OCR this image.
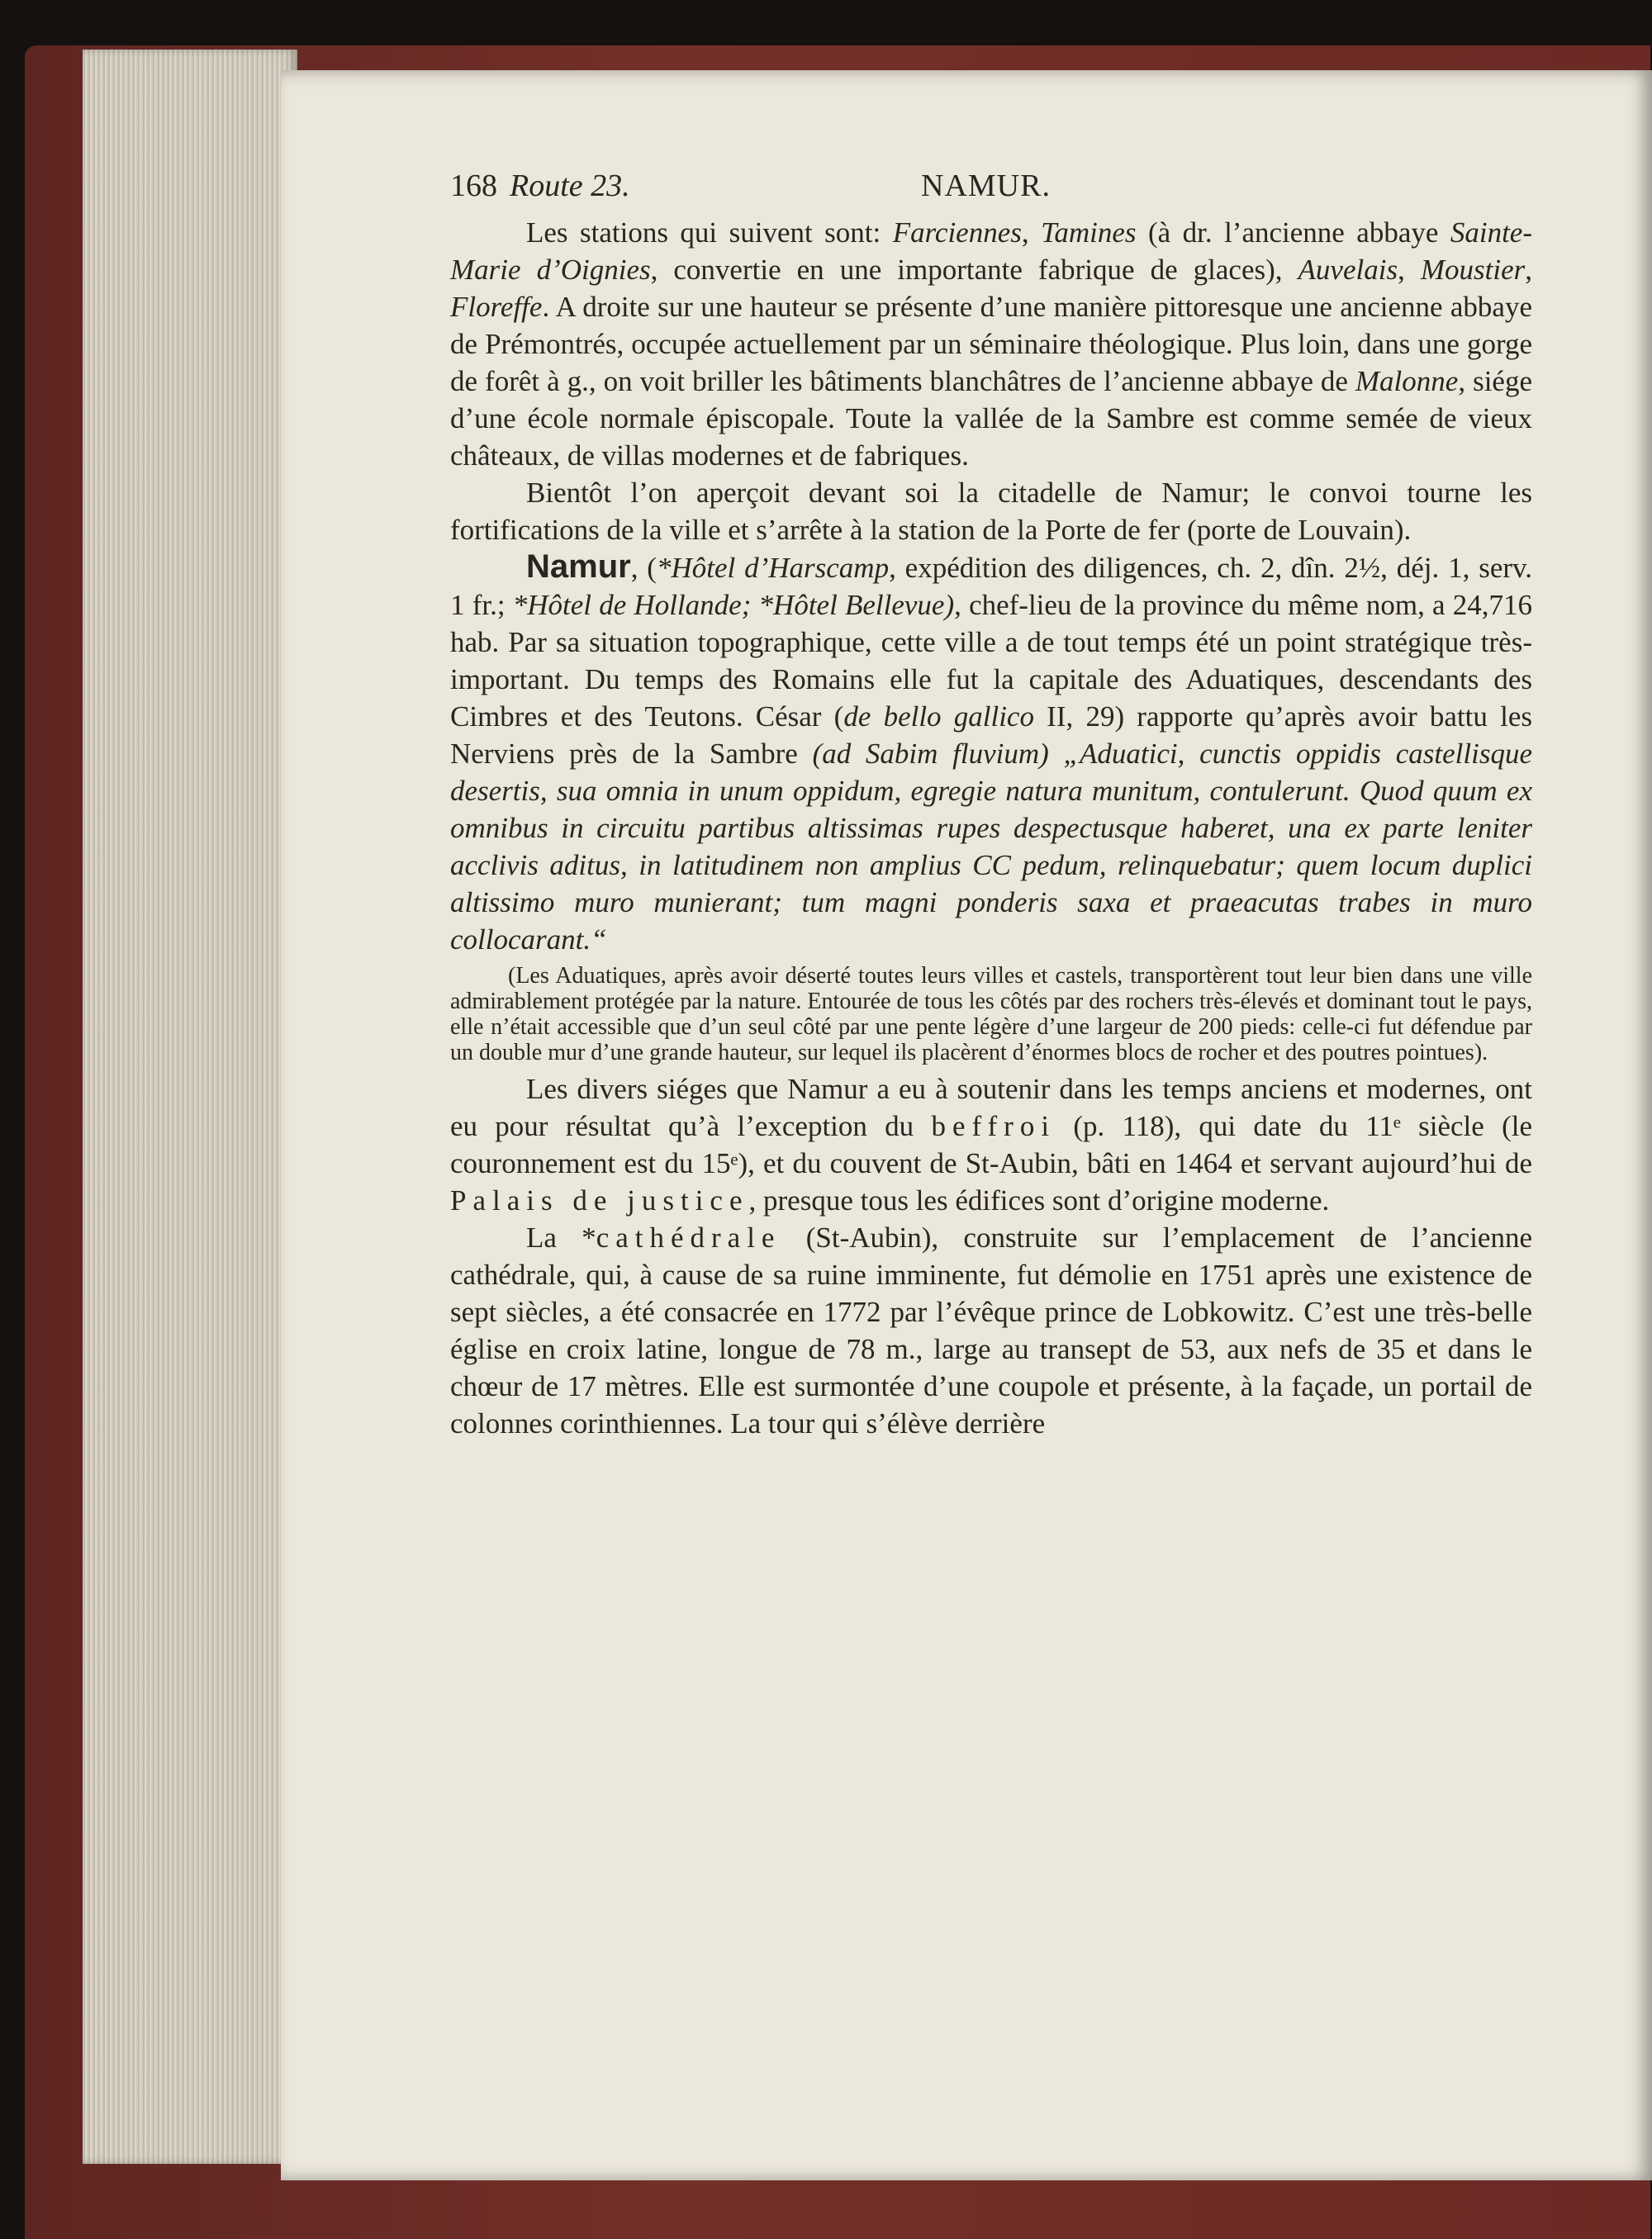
168 Route 23.	NAMUR.

Les stations qui suivent sont: Farciennes, Tamines (à dr. l’ancienne abbaye Sainte-Marie d’Oignies, convertie en une importante fabrique de glaces), Auvelais, Moustier, Floreffe. A droite sur une hauteur se présente d’une manière pittoresque une ancienne abbaye de Prémontrés, occupée actuellement par un séminaire théologique. Plus loin, dans une gorge de forêt à g., on voit briller les bâtiments blanchâtres de l’ancienne abbaye de Malonne, siége d’une école normale épiscopale. Toute la vallée de la Sambre est comme semée de vieux châteaux, de villas modernes et de fabriques.

Bientôt l’on aperçoit devant soi la citadelle de Namur; le convoi tourne les fortifications de la ville et s’arrête à la station de la Porte de fer (porte de Louvain).

Namur, (*Hôtel d’Harscamp, expédition des diligences, ch. 2, dîn. 2½, déj. 1, serv. 1 fr.; *Hôtel de Hollande; *Hôtel Bellevue), chef-lieu de la province du même nom, a 24,716 hab. Par sa situation topographique, cette ville a de tout temps été un point stratégique très-important. Du temps des Romains elle fut la capitale des Aduatiques, descendants des Cimbres et des Teutons. César (de bello gallico II, 29) rapporte qu’après avoir battu les Nerviens près de la Sambre (ad Sabim fluvium) „Aduatici, cunctis oppidis castellisque desertis, sua omnia in unum oppidum, egregie natura munitum, contulerunt. Quod quum ex omnibus in circuitu partibus altissimas rupes despectusque haberet, una ex parte leniter acclivis aditus, in latitudinem non amplius CC pedum, relinquebatur; quem locum duplici altissimo muro munierant; tum magni ponderis saxa et praeacutas trabes in muro collocarant.“

(Les Aduatiques, après avoir déserté toutes leurs villes et castels, transportèrent tout leur bien dans une ville admirablement protégée par la nature. Entourée de tous les côtés par des rochers très-élevés et dominant tout le pays, elle n’était accessible que d’un seul côté par une pente légère d’une largeur de 200 pieds: celle-ci fut défendue par un double mur d’une grande hauteur, sur lequel ils placèrent d’énormes blocs de rocher et des poutres pointues).

Les divers siéges que Namur a eu à soutenir dans les temps anciens et modernes, ont eu pour résultat qu’à l’exception du beffroi (p. 118), qui date du 11ᵉ siècle (le couronnement est du 15ᵉ), et du couvent de St-Aubin, bâti en 1464 et servant aujourd’hui de Palais de justice, presque tous les édifices sont d’origine moderne.

La *cathédrale (St-Aubin), construite sur l’emplacement de l’ancienne cathédrale, qui, à cause de sa ruine imminente, fut démolie en 1751 après une existence de sept siècles, a été consacrée en 1772 par l’évêque prince de Lobkowitz. C’est une très-belle église en croix latine, longue de 78 m., large au transept de 53, aux nefs de 35 et dans le chœur de 17 mètres. Elle est surmontée d’une coupole et présente, à la façade, un portail de colonnes corinthiennes. La tour qui s’élève derrière
